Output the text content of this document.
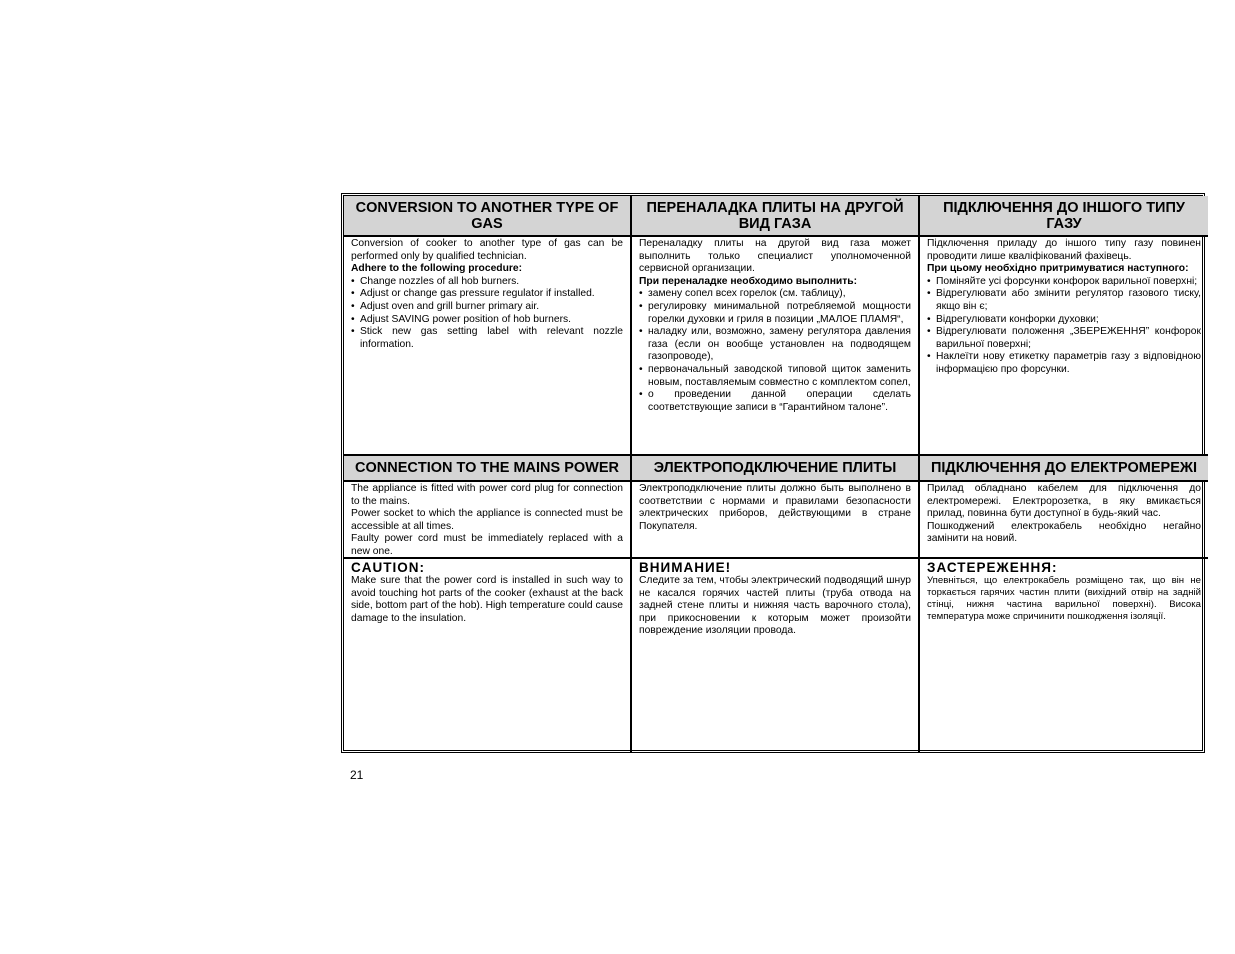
CONVERSION TO ANOTHER TYPE OF GAS
ПЕРЕНАЛАДКА ПЛИТЫ НА ДРУГОЙ ВИД ГАЗА
ПІДКЛЮЧЕННЯ ДО ІНШОГО ТИПУ ГАЗУ

Conversion of cooker to another type of gas can be performed only by qualified technician.

Adhere to the following procedure:

• Change nozzles of all hob burners.
• Adjust or change gas pressure regulator if installed.
• Adjust oven and grill burner primary air.
• Adjust SAVING power position of hob burners.
• Stick new gas setting label with relevant nozzle information.

Переналадку плиты на другой вид газа может выполнить только специалист уполномоченной сервисной организации.

При переналадке необходимо выполнить:

• замену сопел всех горелок (см. таблицу),
• регулировку минимальной потребляемой мощности горелки духовки и гриля в позиции „МАЛОЕ ПЛАМЯ“,
• наладку или, возможно, замену регулятора давления газа (если он вообще установлен на подводящем газопроводе),
• первоначальный заводской типовой щиток заменить новым, поставляемым совместно с комплектом сопел,
• о проведении данной операции сделать соответствующие записи в “Гарантийном талоне”.

Підключення приладу до іншого типу газу повинен проводити лише кваліфікований фахівець.

При цьому необхідно притримуватися наступного:

• Поміняйте усі форсунки конфорок варильної поверхні;
• Відрегулювати або змінити регулятор газового тиску, якщо він є;
• Відрегулювати конфорки духовки;
• Відрегулювати положення „ЗБЕРЕЖЕННЯ” конфорок варильної поверхні;
• Наклеїти нову етикетку параметрів газу з відповідною інформацією про форсунки.
CONNECTION TO THE MAINS POWER	ЭЛЕКТРОПОДКЛЮЧЕНИЕ ПЛИТЫ	ПІДКЛЮЧЕННЯ ДО ЕЛЕКТРОМЕРЕЖІ

The appliance is fitted with power cord plug for connection to the mains.

Power socket to which the appliance is connected must be accessible at all times.

Faulty power cord must be immediately replaced with a new one.

Электроподключение плиты должно быть выполнено в соответствии с нормами и правилами безопасности электрических приборов, действующими в стране Покупателя.

Прилад обладнано кабелем для підключення до електромережі. Електророзетка, в яку вмикається прилад, повинна бути доступної в будь-який час.

Пошкоджений електрокабель необхідно негайно замінити на новий.

CAUTION:

Make sure that the power cord is installed in such way to avoid touching hot parts of the cooker (exhaust at the back side, bottom part of the hob). High temperature could cause damage to the insulation.

ВНИМАНИЕ!

Следите за тем, чтобы электрический подводящий шнур не касался горячих частей плиты (труба отвода на задней стене плиты и нижняя часть варочного стола), при прикосновении к которым может произойти повреждение изоляции провода.

ЗАСТЕРЕЖЕННЯ:

Упевніться, що електрокабель розміщено так, що він не торкається гарячих частин плити (вихідний отвір на задній стінці, нижня частина варильної поверхні). Висока температура може спричинити пошкодження ізоляції.

21
